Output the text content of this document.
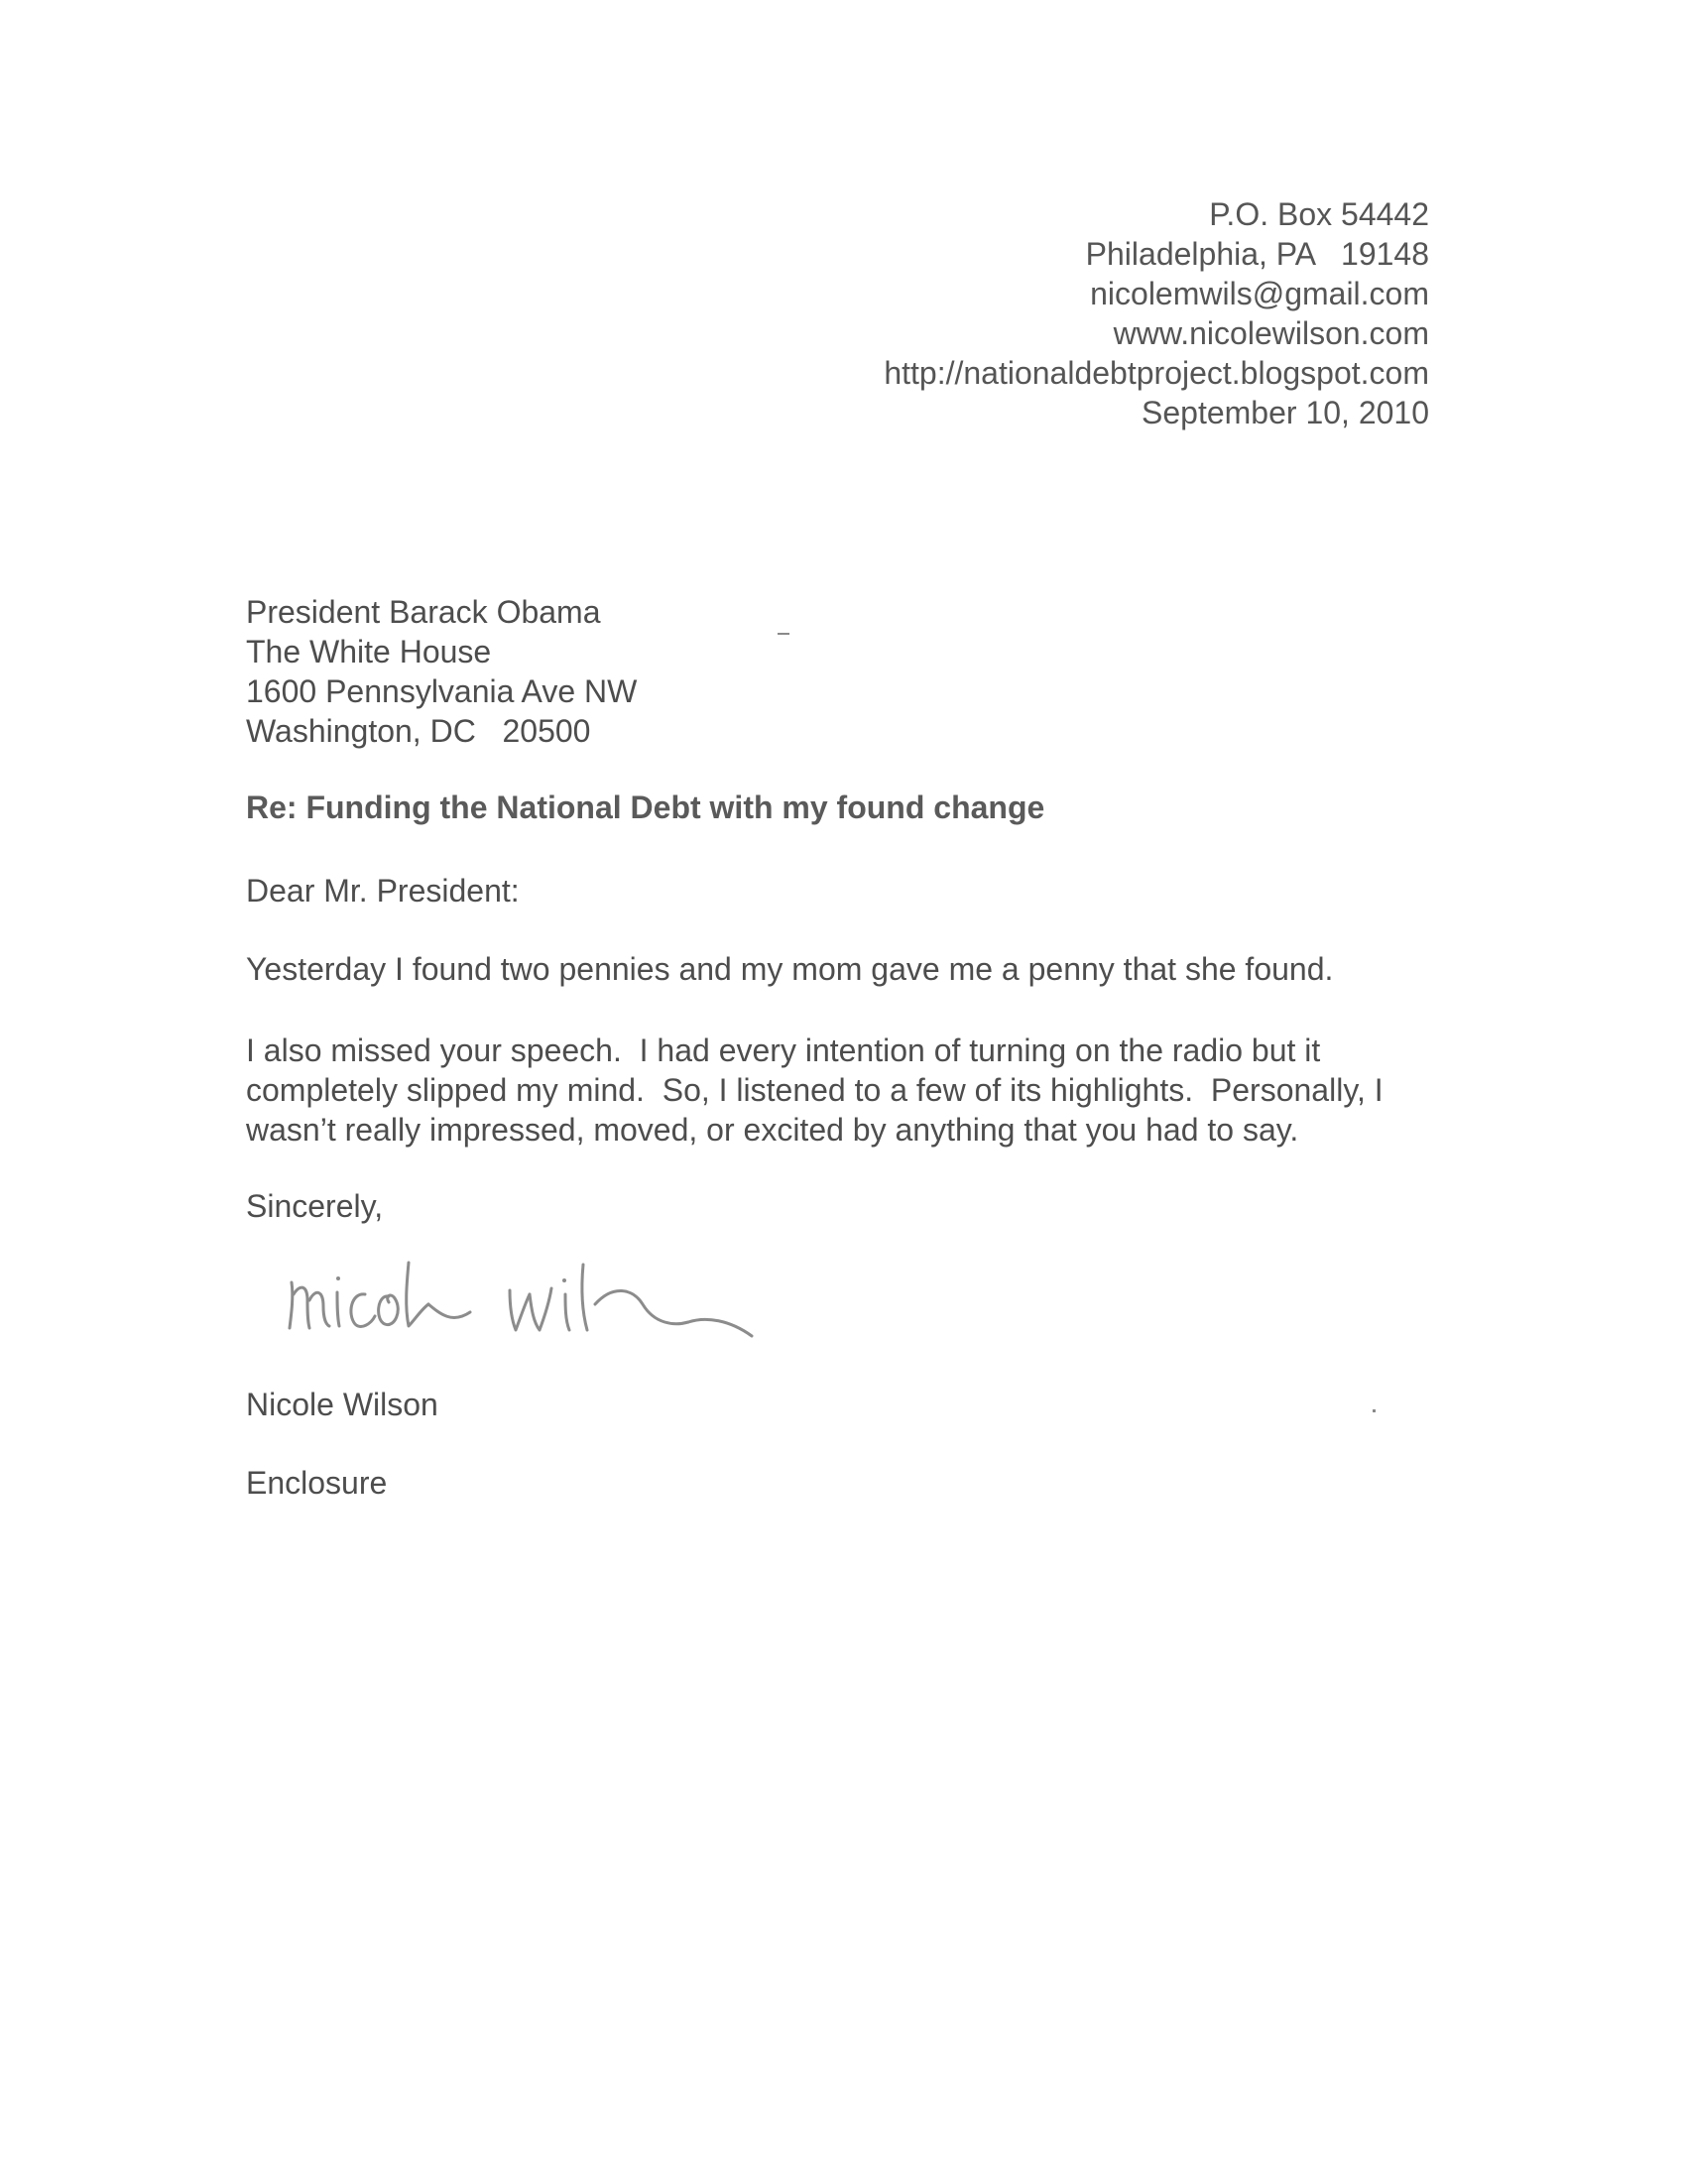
P.O. Box 54442
Philadelphia, PA   19148
nicolemwils@gmail.com
www.nicolewilson.com
http://nationaldebtproject.blogspot.com
September 10, 2010
President Barack Obama
The White House
1600 Pennsylvania Ave NW
Washington, DC   20500
Re: Funding the National Debt with my found change
Dear Mr. President:
Yesterday I found two pennies and my mom gave me a penny that she found.
I also missed your speech.  I had every intention of turning on the radio but it
completely slipped my mind.  So, I listened to a few of its highlights.  Personally, I
wasn’t really impressed, moved, or excited by anything that you had to say.
Sincerely,
Nicole Wilson
Enclosure
